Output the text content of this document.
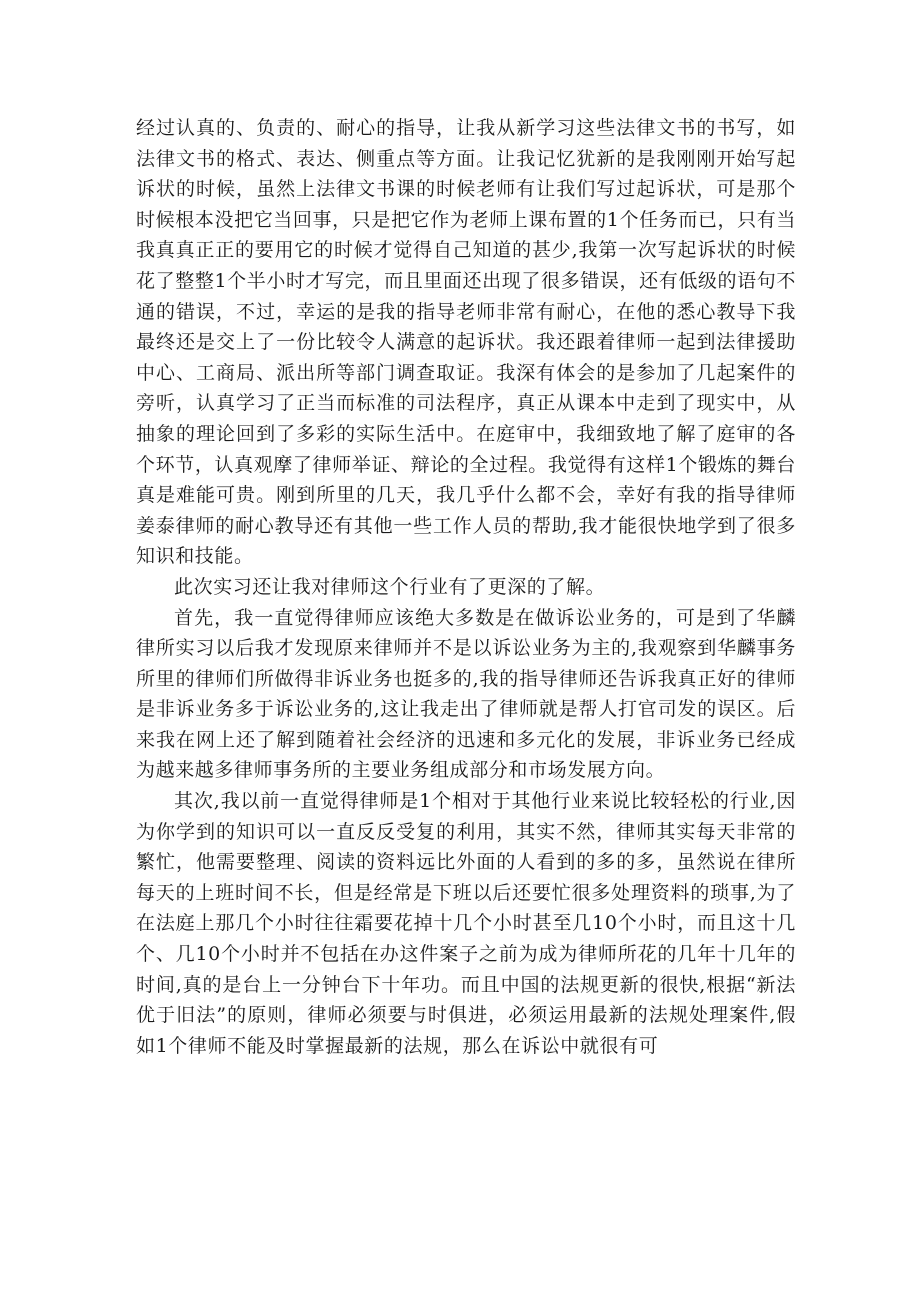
经过认真的、负责的、耐心的指导，让我从新学习这些法律文书的书写，如法律文书的格式、表达、侧重点等方面。让我记忆犹新的是我刚刚开始写起诉状的时候，虽然上法律文书课的时候老师有让我们写过起诉状，可是那个时候根本没把它当回事，只是把它作为老师上课布置的1个任务而已，只有当我真真正正的要用它的时候才觉得自己知道的甚少,我第一次写起诉状的时候花了整整1个半小时才写完，而且里面还出现了很多错误，还有低级的语句不通的错误，不过，幸运的是我的指导老师非常有耐心，在他的悉心教导下我最终还是交上了一份比较令人满意的起诉状。我还跟着律师一起到法律援助中心、工商局、派出所等部门调查取证。我深有体会的是参加了几起案件的旁听，认真学习了正当而标准的司法程序，真正从课本中走到了现实中，从抽象的理论回到了多彩的实际生活中。在庭审中，我细致地了解了庭审的各个环节，认真观摩了律师举证、辩论的全过程。我觉得有这样1个锻炼的舞台真是难能可贵。刚到所里的几天，我几乎什么都不会，幸好有我的指导律师姜泰律师的耐心教导还有其他一些工作人员的帮助,我才能很快地学到了很多知识和技能。

此次实习还让我对律师这个行业有了更深的了解。

首先，我一直觉得律师应该绝大多数是在做诉讼业务的，可是到了华麟律所实习以后我才发现原来律师并不是以诉讼业务为主的,我观察到华麟事务所里的律师们所做得非诉业务也挺多的,我的指导律师还告诉我真正好的律师是非诉业务多于诉讼业务的,这让我走出了律师就是帮人打官司发的误区。后来我在网上还了解到随着社会经济的迅速和多元化的发展，非诉业务已经成为越来越多律师事务所的主要业务组成部分和市场发展方向。

其次,我以前一直觉得律师是1个相对于其他行业来说比较轻松的行业,因为你学到的知识可以一直反反受复的利用，其实不然，律师其实每天非常的繁忙，他需要整理、阅读的资料远比外面的人看到的多的多，虽然说在律所每天的上班时间不长，但是经常是下班以后还要忙很多处理资料的琐事,为了在法庭上那几个小时往往霜要花掉十几个小时甚至几10个小时，而且这十几个、几10个小时并不包括在办这件案子之前为成为律师所花的几年十几年的时间,真的是台上一分钟台下十年功。而且中国的法规更新的很快,根据“新法优于旧法”的原则，律师必须要与时俱进，必须运用最新的法规处理案件,假如1个律师不能及时掌握最新的法规，那么在诉讼中就很有可
